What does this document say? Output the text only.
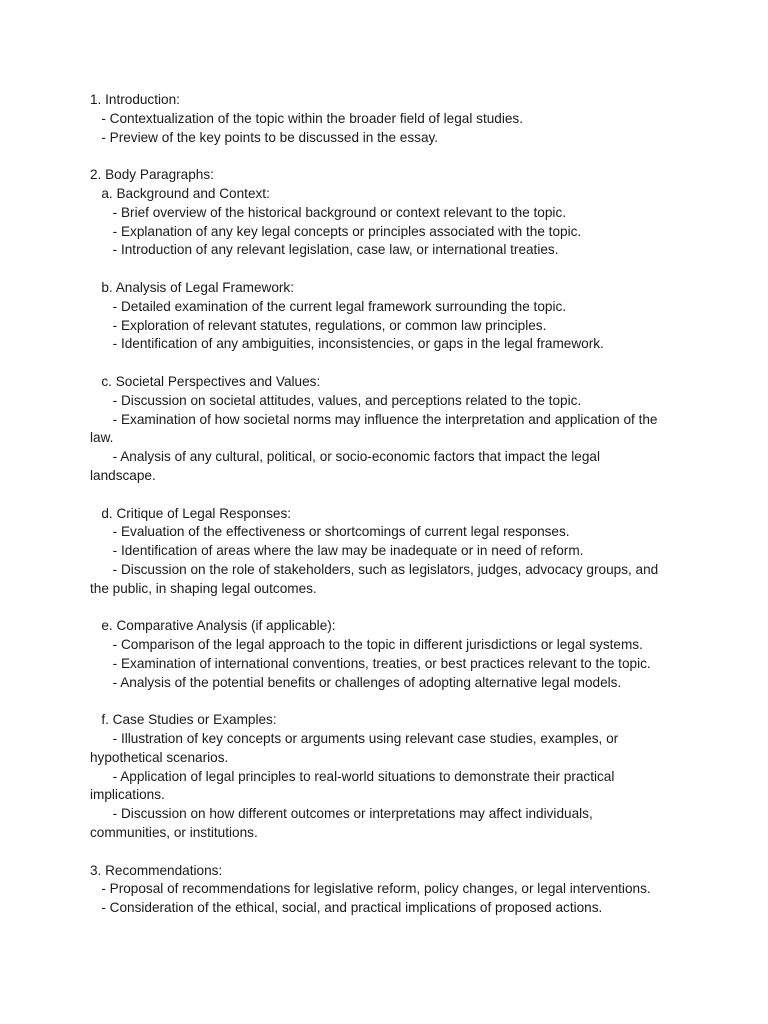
1. Introduction:
- Contextualization of the topic within the broader field of legal studies.
- Preview of the key points to be discussed in the essay.
2. Body Paragraphs:
a. Background and Context:
- Brief overview of the historical background or context relevant to the topic.
- Explanation of any key legal concepts or principles associated with the topic.
- Introduction of any relevant legislation, case law, or international treaties.
b. Analysis of Legal Framework:
- Detailed examination of the current legal framework surrounding the topic.
- Exploration of relevant statutes, regulations, or common law principles.
- Identification of any ambiguities, inconsistencies, or gaps in the legal framework.
c. Societal Perspectives and Values:
- Discussion on societal attitudes, values, and perceptions related to the topic.
- Examination of how societal norms may influence the interpretation and application of the
law.
- Analysis of any cultural, political, or socio-economic factors that impact the legal
landscape.
d. Critique of Legal Responses:
- Evaluation of the effectiveness or shortcomings of current legal responses.
- Identification of areas where the law may be inadequate or in need of reform.
- Discussion on the role of stakeholders, such as legislators, judges, advocacy groups, and
the public, in shaping legal outcomes.
e. Comparative Analysis (if applicable):
- Comparison of the legal approach to the topic in different jurisdictions or legal systems.
- Examination of international conventions, treaties, or best practices relevant to the topic.
- Analysis of the potential benefits or challenges of adopting alternative legal models.
f. Case Studies or Examples:
- Illustration of key concepts or arguments using relevant case studies, examples, or
hypothetical scenarios.
- Application of legal principles to real-world situations to demonstrate their practical
implications.
- Discussion on how different outcomes or interpretations may affect individuals,
communities, or institutions.
3. Recommendations:
- Proposal of recommendations for legislative reform, policy changes, or legal interventions.
- Consideration of the ethical, social, and practical implications of proposed actions.
